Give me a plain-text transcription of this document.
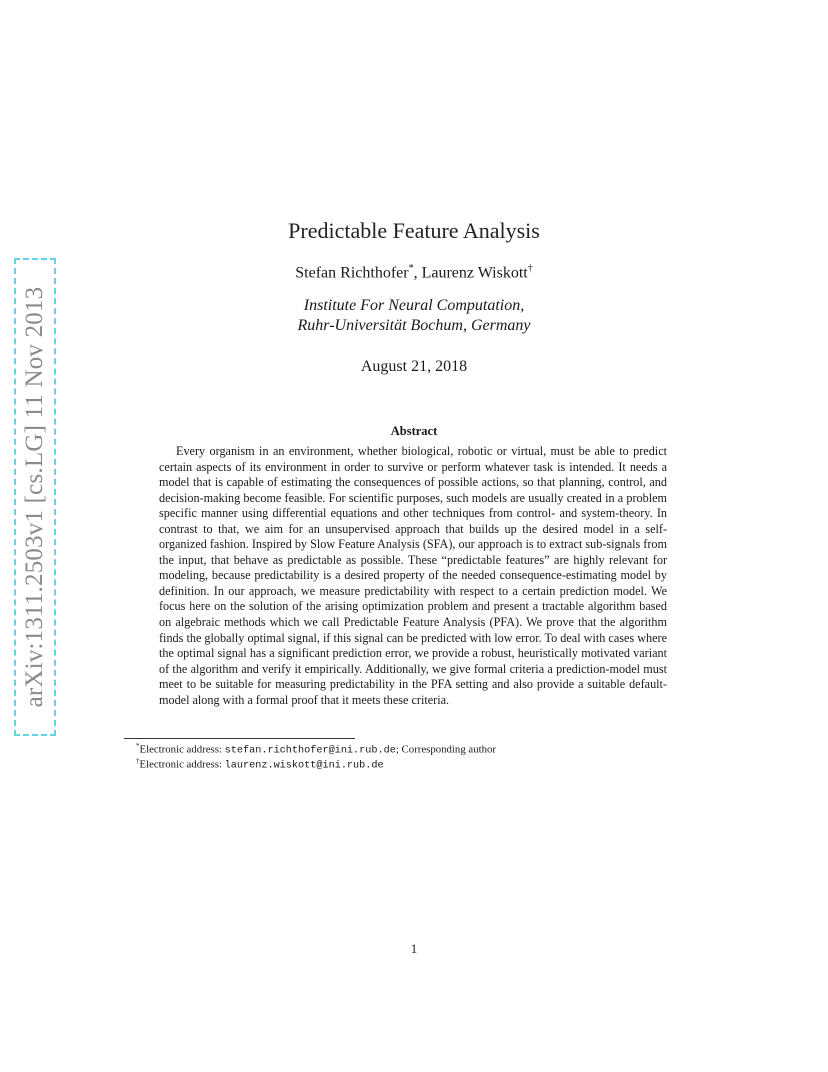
arXiv:1311.2503v1 [cs.LG] 11 Nov 2013
Predictable Feature Analysis
Stefan Richthofer*, Laurenz Wiskott†
Institute For Neural Computation,
Ruhr-Universität Bochum, Germany
August 21, 2018
Abstract

Every organism in an environment, whether biological, robotic or virtual, must be able to predict certain aspects of its environment in order to survive or perform whatever task is intended. It needs a model that is capable of estimating the consequences of possible actions, so that planning, control, and decision-making become feasible. For scientific purposes, such models are usually created in a problem specific manner using differential equations and other techniques from control- and system-theory. In contrast to that, we aim for an unsupervised approach that builds up the desired model in a self-organized fashion. Inspired by Slow Feature Analysis (SFA), our approach is to extract sub-signals from the input, that behave as predictable as possible. These “predictable features” are highly relevant for modeling, because predictability is a desired property of the needed consequence-estimating model by definition. In our approach, we measure predictability with respect to a certain prediction model. We focus here on the solution of the arising optimization problem and present a tractable algorithm based on algebraic methods which we call Predictable Feature Analysis (PFA). We prove that the algorithm finds the globally optimal signal, if this signal can be predicted with low error. To deal with cases where the optimal signal has a significant prediction error, we provide a robust, heuristically motivated variant of the algorithm and verify it empirically. Additionally, we give formal criteria a prediction-model must meet to be suitable for measuring predictability in the PFA setting and also provide a suitable default-model along with a formal proof that it meets these criteria.

*Electronic address: stefan.richthofer@ini.rub.de; Corresponding author
†Electronic address: laurenz.wiskott@ini.rub.de
1
